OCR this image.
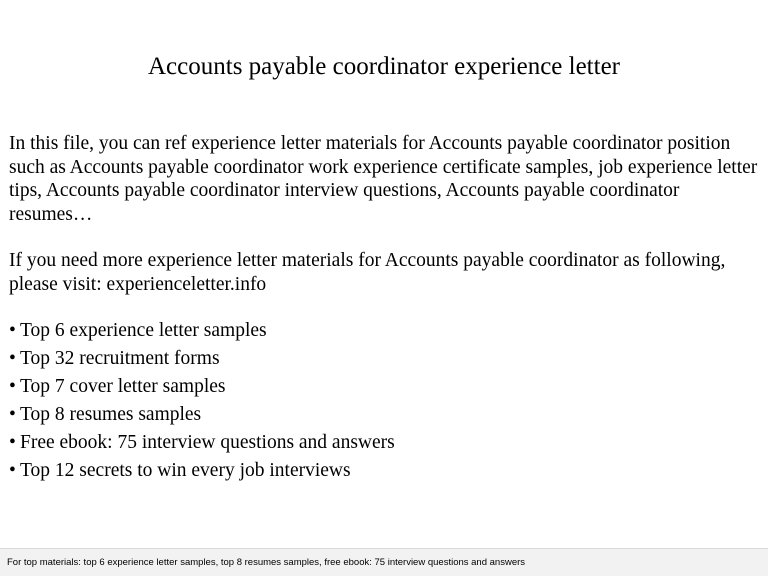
Accounts payable coordinator experience letter

In this file, you can ref experience letter materials for Accounts payable coordinator position such as Accounts payable coordinator work experience certificate samples, job experience letter tips, Accounts payable coordinator interview questions, Accounts payable coordinator resumes…

If you need more experience letter materials for Accounts payable coordinator as following, please visit: experienceletter.info

• Top 6 experience letter samples
• Top 32 recruitment forms
• Top 7 cover letter samples
• Top 8 resumes samples
• Free ebook: 75 interview questions and answers
• Top 12 secrets to win every job interviews
For top materials: top 6 experience letter samples, top 8 resumes samples, free ebook: 75 interview questions and answers
